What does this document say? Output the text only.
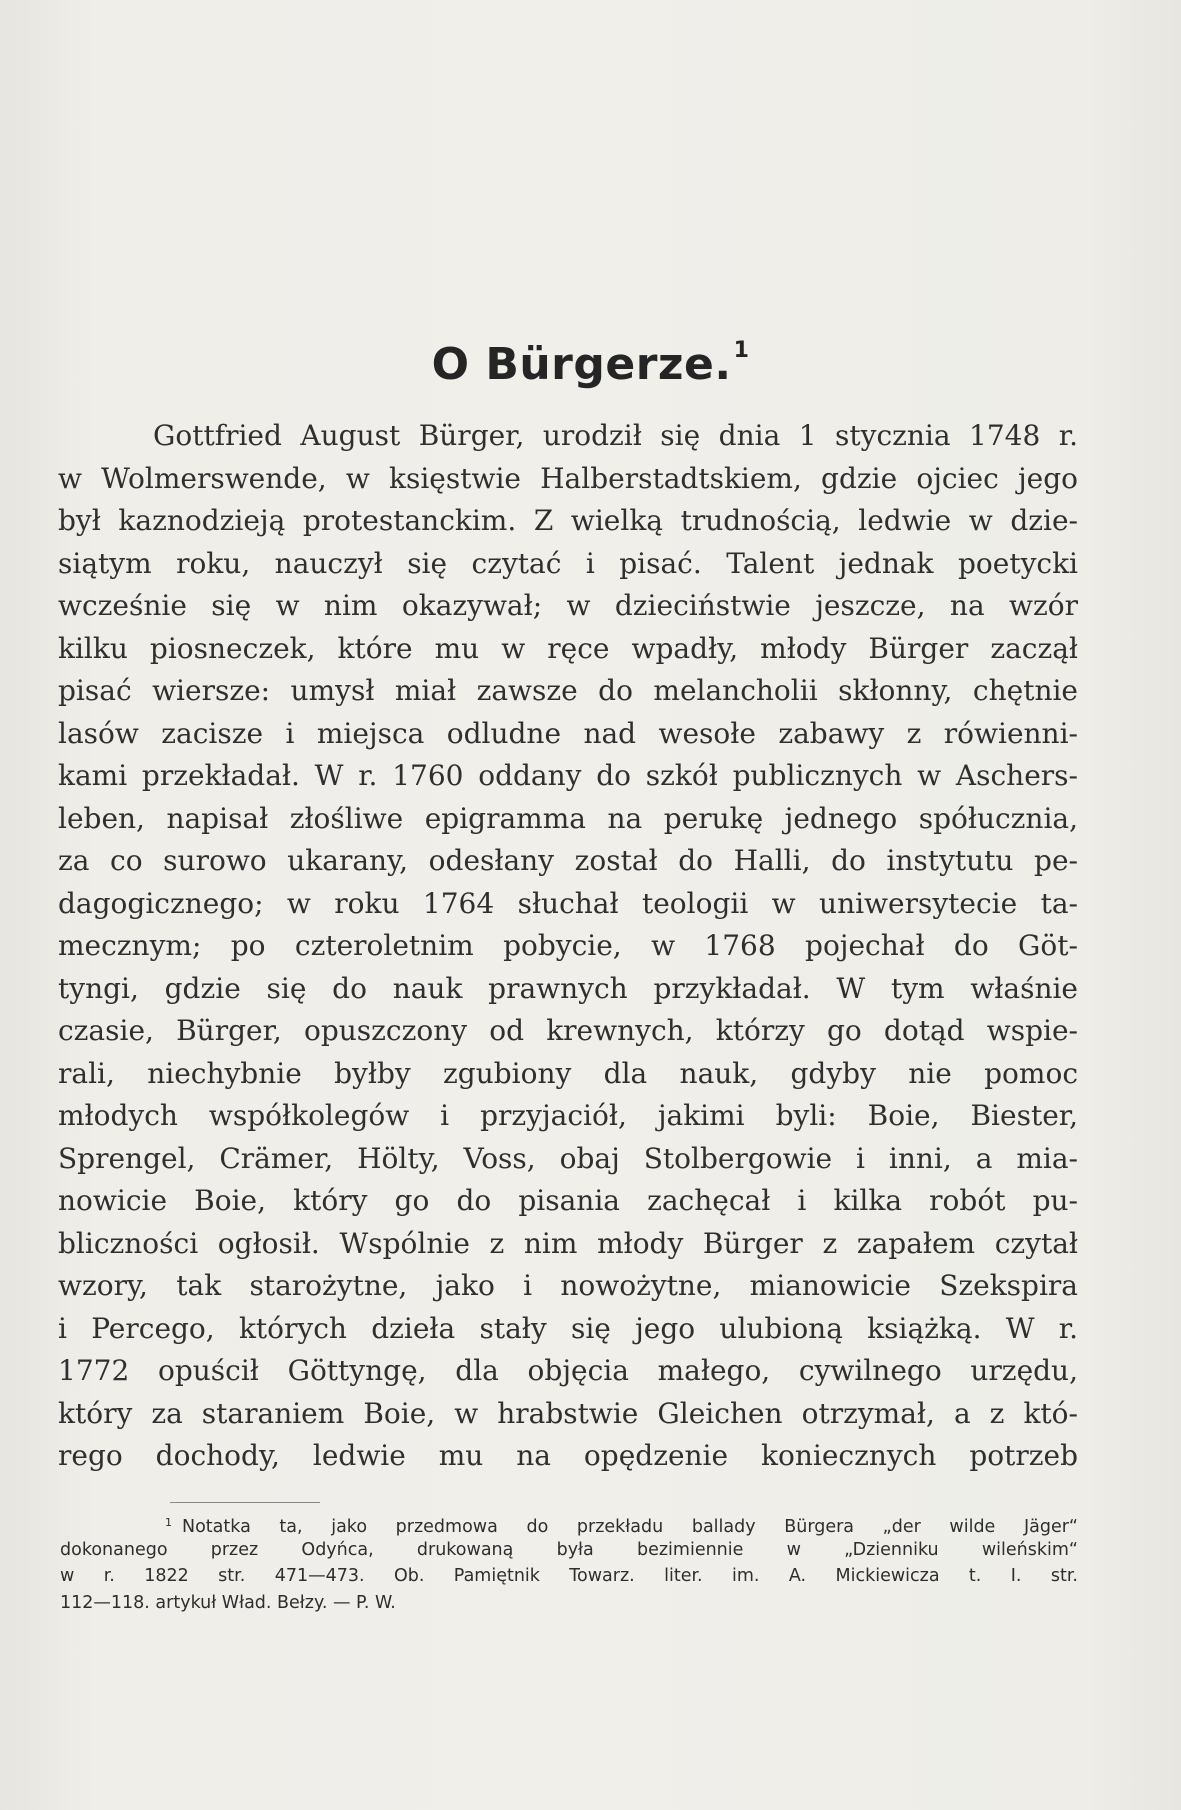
O Bürgerze.$^1$
Gottfried August Bürger, urodził się dnia 1 stycznia 1748 r.
w Wolmerswende, w księstwie Halberstadtskiem, gdzie ojciec jego
był kaznodzieją protestanckim. Z wielką trudnością, ledwie w dzie-
siątym roku, nauczył się czytać i pisać. Talent jednak poetycki
wcześnie się w nim okazywał; w dzieciństwie jeszcze, na wzór
kilku piosneczek, które mu w ręce wpadły, młody Bürger zaczął
pisać wiersze: umysł miał zawsze do melancholii skłonny, chętnie
lasów zacisze i miejsca odludne nad wesołe zabawy z rówienni-
kami przekładał. W r. 1760 oddany do szkół publicznych w Aschers-
leben, napisał złośliwe epigramma na perukę jednego spółucznia,
za co surowo ukarany, odesłany został do Halli, do instytutu pe-
dagogicznego; w roku 1764 słuchał teologii w uniwersytecie ta-
mecznym; po czteroletnim pobycie, w 1768 pojechał do Göt-
tyngi, gdzie się do nauk prawnych przykładał. W tym właśnie
czasie, Bürger, opuszczony od krewnych, którzy go dotąd wspie-
rali, niechybnie byłby zgubiony dla nauk, gdyby nie pomoc
młodych współkolegów i przyjaciół, jakimi byli: Boie, Biester,
Sprengel, Crämer, Hölty, Voss, obaj Stolbergowie i inni, a mia-
nowicie Boie, który go do pisania zachęcał i kilka robót pu-
bliczności ogłosił. Wspólnie z nim młody Bürger z zapałem czytał
wzory, tak starożytne, jako i nowożytne, mianowicie Szekspira
i Percego, których dzieła stały się jego ulubioną książką. W r.
1772 opuścił Göttyngę, dla objęcia małego, cywilnego urzędu,
który za staraniem Boie, w hrabstwie Gleichen otrzymał, a z któ-
rego dochody, ledwie mu na opędzenie koniecznych potrzeb
$^1$ Notatka ta, jako przedmowa do przekładu ballady Bürgera „der wilde Jäger“
dokonanego przez Odyńca, drukowaną była bezimiennie w „Dzienniku wileńskim“
w r. 1822 str. 471—473. Ob. Pamiętnik Towarz. liter. im. A. Mickiewicza t. I. str.
112—118. artykuł Wład. Bełzy. — P. W.
